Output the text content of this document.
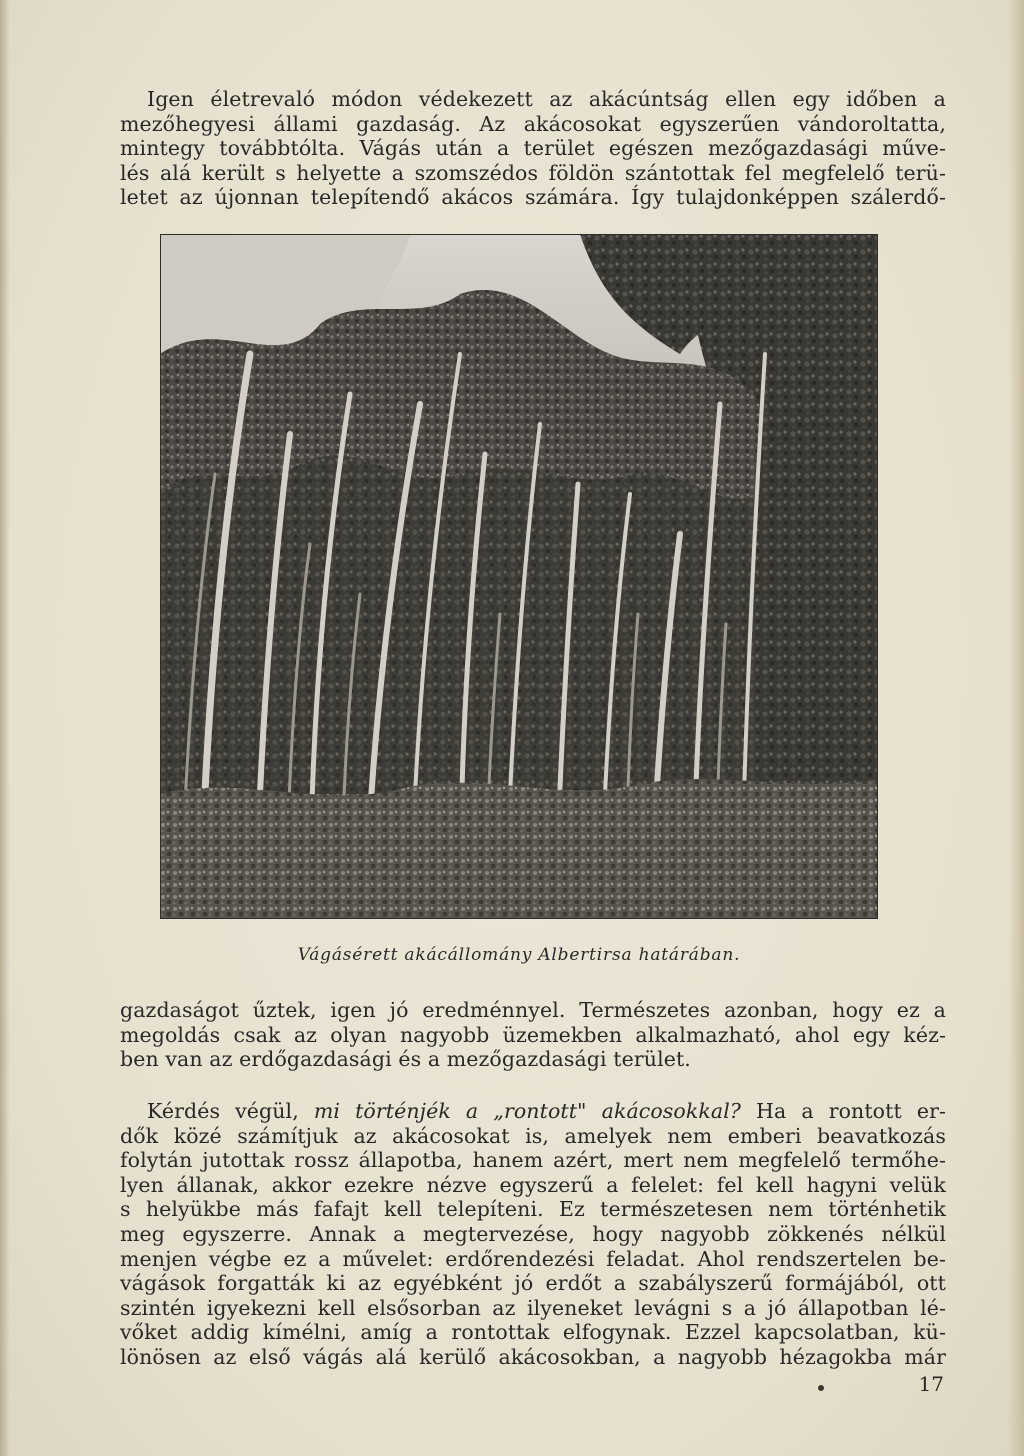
Igen életrevaló módon védekezett az akácúntság ellen egy időben a
mezőhegyesi állami gazdaság. Az akácosokat egyszerűen vándoroltatta,
mintegy továbbtólta. Vágás után a terület egészen mezőgazdasági műve-
lés alá került s helyette a szomszédos földön szántottak fel megfelelő terü-
letet az újonnan telepítendő akácos számára. Így tulajdonképpen szálerdő-

Vágásérett akácállomány Albertirsa határában.

gazdaságot űztek, igen jó eredménnyel. Természetes azonban, hogy ez a
megoldás csak az olyan nagyobb üzemekben alkalmazható, ahol egy kéz-
ben van az erdőgazdasági és a mezőgazdasági terület.
Kérdés végül, mi történjék a „rontott" akácosokkal? Ha a rontott er-
dők közé számítjuk az akácosokat is, amelyek nem emberi beavatkozás
folytán jutottak rossz állapotba, hanem azért, mert nem megfelelő termőhe-
lyen állanak, akkor ezekre nézve egyszerű a felelet: fel kell hagyni velük
s helyükbe más fafajt kell telepíteni. Ez természetesen nem történhetik
meg egyszerre. Annak a megtervezése, hogy nagyobb zökkenés nélkül
menjen végbe ez a művelet: erdőrendezési feladat. Ahol rendszertelen be-
vágások forgatták ki az egyébként jó erdőt a szabályszerű formájából, ott
szintén igyekezni kell elsősorban az ilyeneket levágni s a jó állapotban lé-
vőket addig kímélni, amíg a rontottak elfogynak. Ezzel kapcsolatban, kü-
lönösen az első vágás alá kerülő akácosokban, a nagyobb hézagokba már

17
